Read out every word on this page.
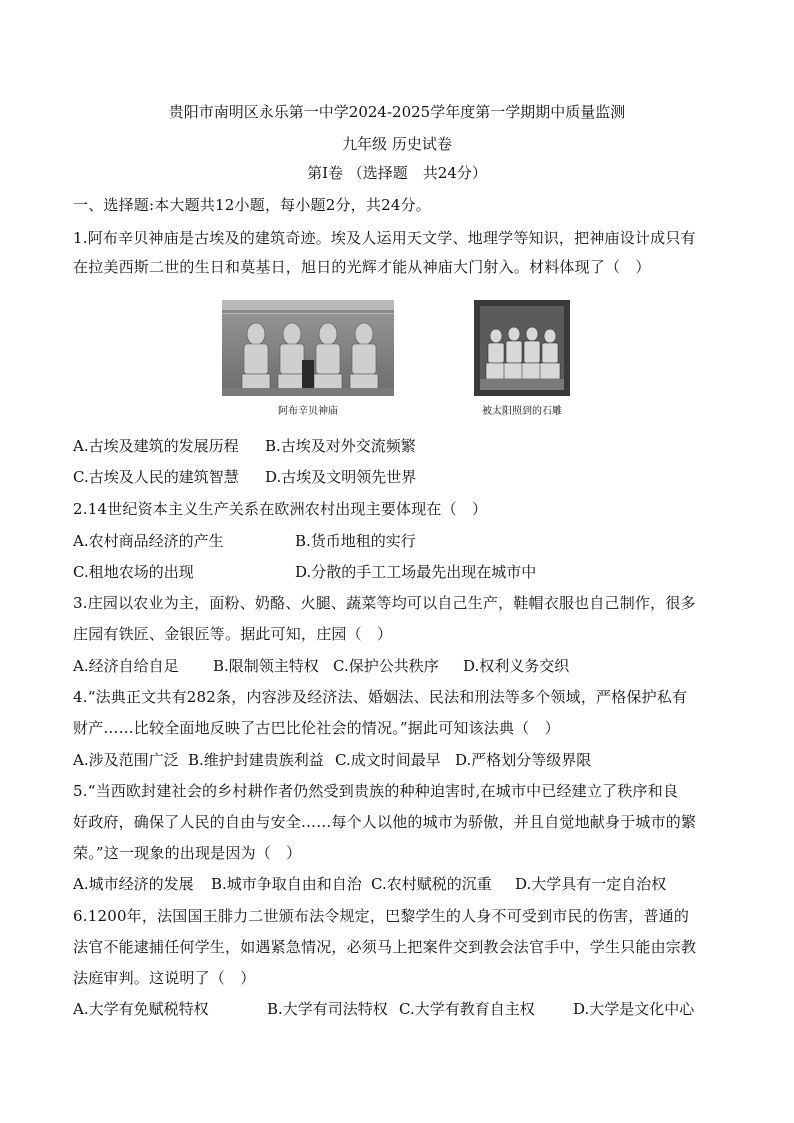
贵阳市南明区永乐第一中学2024-2025学年度第一学期期中质量监测
九年级 历史试卷
第Ⅰ卷 （选择题　共24分）
一、选择题:本大题共12小题，每小题2分，共24分。
1.阿布辛贝神庙是古埃及的建筑奇迹。埃及人运用天文学、地理学等知识，把神庙设计成只有
在拉美西斯二世的生日和莫基日，旭日的光辉才能从神庙大门射入。材料体现了（　）
阿布辛贝神庙	被太阳照到的石雕
A.古埃及建筑的发展历程 B.古埃及对外交流频繁
C.古埃及人民的建筑智慧 D.古埃及文明领先世界
2.14世纪资本主义生产关系在欧洲农村出现主要体现在（　）
A.农村商品经济的产生	B.货币地租的实行
C.租地农场的出现	D.分散的手工工场最先出现在城市中
3.庄园以农业为主，面粉、奶酪、火腿、蔬菜等均可以自己生产，鞋帽衣服也自己制作，很多
庄园有铁匠、金银匠等。据此可知，庄园（　）
A.经济自给自足 B.限制领主特权 C.保护公共秩序 D.权利义务交织
4.“法典正文共有282条，内容涉及经济法、婚姻法、民法和刑法等多个领域，严格保护私有
财产……比较全面地反映了古巴比伦社会的情况。”据此可知该法典（　）
A.涉及范围广泛 B.维护封建贵族利益 C.成文时间最早 D.严格划分等级界限
5.“当西欧封建社会的乡村耕作者仍然受到贵族的种种迫害时,在城市中已经建立了秩序和良
好政府，确保了人民的自由与安全……每个人以他的城市为骄傲，并且自觉地献身于城市的繁
荣。”这一现象的出现是因为（　）
A.城市经济的发展 B.城市争取自由和自治 C.农村赋税的沉重 D.大学具有一定自治权
6.1200年，法国国王腓力二世颁布法令规定，巴黎学生的人身不可受到市民的伤害，普通的
法官不能逮捕任何学生，如遇紧急情况，必须马上把案件交到教会法官手中，学生只能由宗教
法庭审判。这说明了（　）
A.大学有免赋税特权	B.大学有司法特权 C.大学有教育自主权	D.大学是文化中心
